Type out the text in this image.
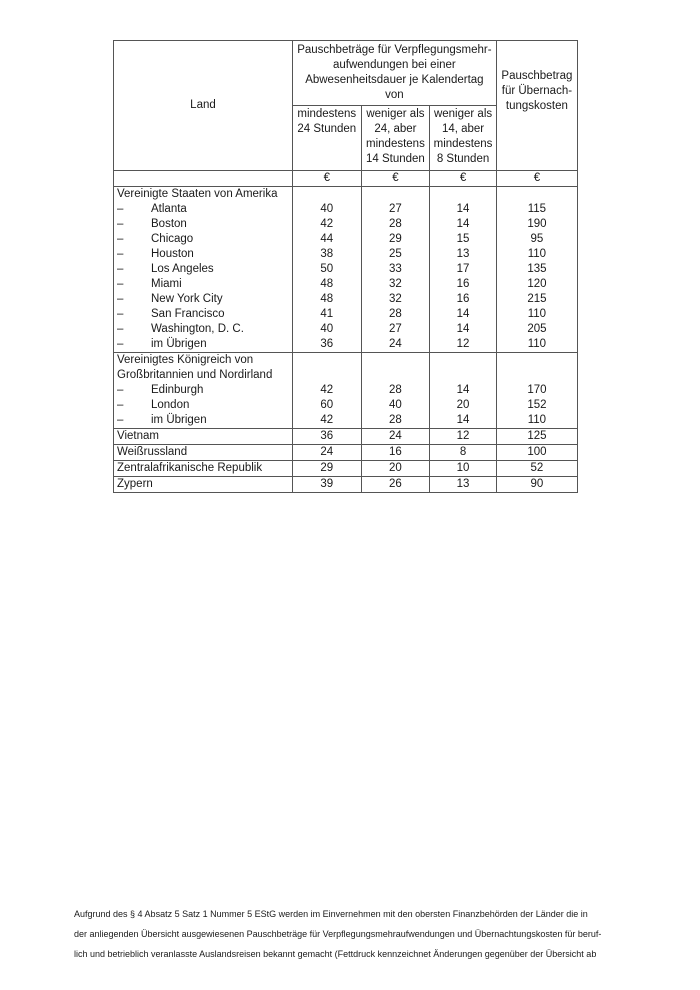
Land	Pauschbeträge für Verpflegungsmehr-
aufwendungen bei einer
Abwesenheitsdauer je Kalendertag von			Pauschbetrag
für Übernach-
tungskosten

	mindestens
24 Stunden	weniger als
24, aber
mindestens
14 Stunden	weniger als
14, aber
mindestens
8 Stunden	

	€	€	€	€
Vereinigte Staaten von Amerika				
– Atlanta	40	27	14	115
– Boston	42	28	14	190
– Chicago	44	29	15	95
– Houston	38	25	13	110
– Los Angeles	50	33	17	135
– Miami	48	32	16	120
– New York City	48	32	16	215
– San Francisco	41	28	14	110
– Washington, D. C.	40	27	14	205
– im Übrigen	36	24	12	110
Vereinigtes Königreich von				
Großbritannien und Nordirland				
– Edinburgh	42	28	14	170
– London	60	40	20	152
– im Übrigen	42	28	14	110
Vietnam	36	24	12	125
Weißrussland	24	16	8	100
Zentralafrikanische Republik	29	20	10	52
Zypern	39	26	13	90
Aufgrund des § 4 Absatz 5 Satz 1 Nummer 5 EStG werden im Einvernehmen mit den obersten Finanzbehörden der Länder die in
der anliegenden Übersicht ausgewiesenen Pauschbeträge für Verpflegungsmehraufwendungen und Übernachtungskosten für beruf-
lich und betrieblich veranlasste Auslandsreisen bekannt gemacht (Fettdruck kennzeichnet Änderungen gegenüber der Übersicht ab
